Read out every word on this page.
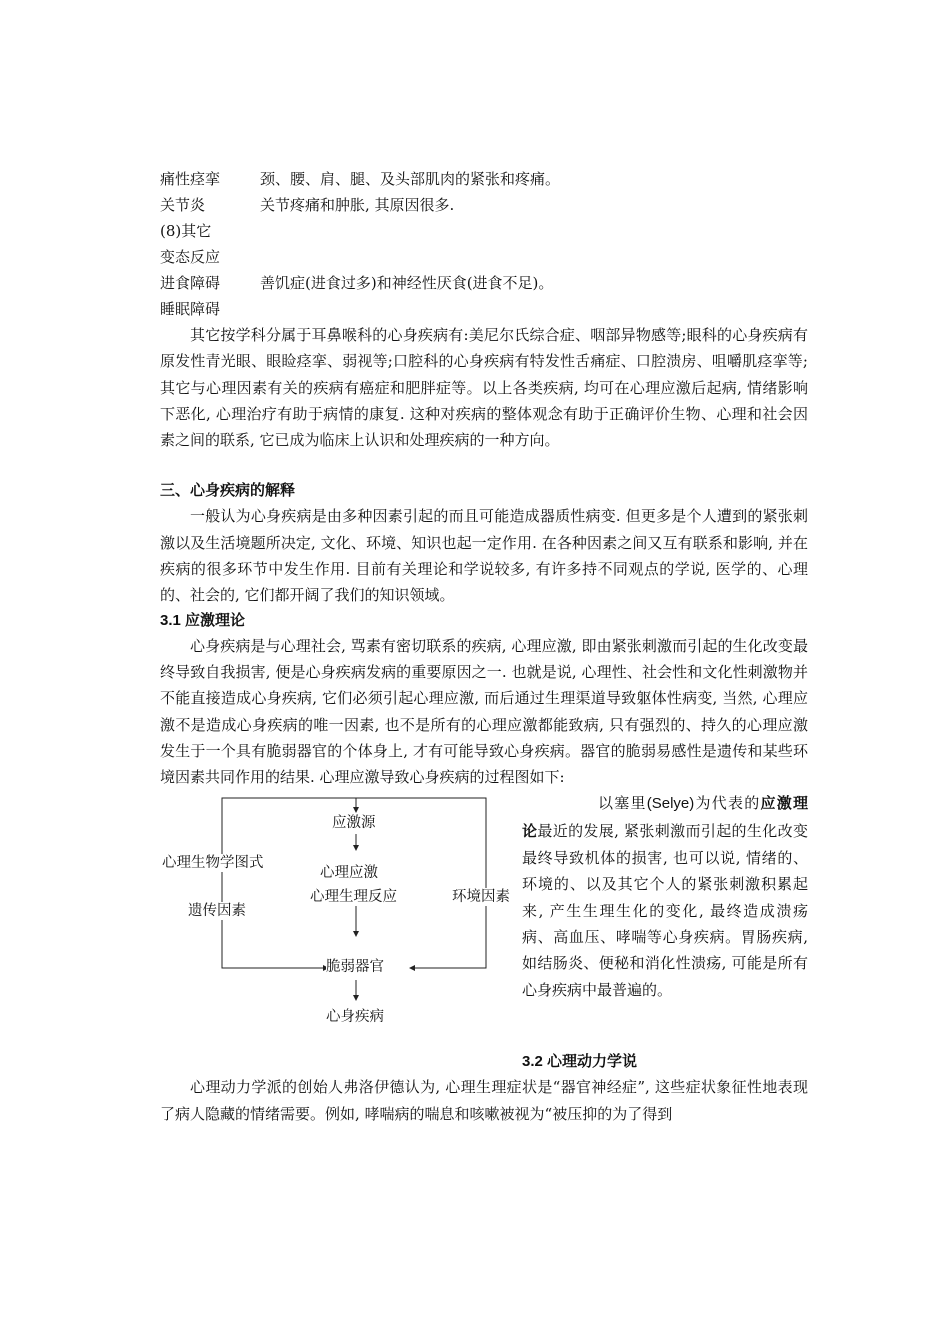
痛性痉挛	颈、腰、肩、腿、及头部肌肉的紧张和疼痛。
关节炎	关节疼痛和肿胀, 其原因很多.
(8)其它
变态反应
进食障碍	善饥症(进食过多)和神经性厌食(进食不足)。
睡眠障碍

其它按学科分属于耳鼻喉科的心身疾病有:美尼尔氏综合症、咽部异物感等;眼科的心身疾病有原发性青光眼、眼睑痉挛、弱视等;口腔科的心身疾病有特发性舌痛症、口腔溃房、咀嚼肌痉挛等;其它与心理因素有关的疾病有癌症和肥胖症等。以上各类疾病, 均可在心理应激后起病, 情绪影响下恶化, 心理治疗有助于病情的康复. 这种对疾病的整体观念有助于正确评价生物、心理和社会因素之间的联系, 它已成为临床上认识和处理疾病的一种方向。

三、心身疾病的解释

一般认为心身疾病是由多种因素引起的而且可能造成器质性病变. 但更多是个人遭到的紧张刺激以及生活境题所决定, 文化、环境、知识也起一定作用. 在各种因素之间又互有联系和影响, 并在疾病的很多环节中发生作用. 目前有关理论和学说较多, 有许多持不同观点的学说, 医学的、心理的、社会的, 它们都开阔了我们的知识领域。

3.1 应激理论

心身疾病是与心理社会, 骂素有密切联系的疾病, 心理应激, 即由紧张刺激而引起的生化改变最终导致自我损害, 便是心身疾病发病的重要原因之一. 也就是说, 心理性、社会性和文化性刺激物并不能直接造成心身疾病, 它们必须引起心理应激, 而后通过生理渠道导致躯体性病变, 当然, 心理应激不是造成心身疾病的唯一因素, 也不是所有的心理应激都能致病, 只有强烈的、持久的心理应激发生于一个具有脆弱器官的个体身上, 才有可能导致心身疾病。器官的脆弱易感性是遗传和某些环境因素共同作用的结果. 心理应激导致心身疾病的过程图如下:

应激源
心理应激
心理生理反应
脆弱器官
心身疾病
心理生物学图式
遗传因素
环境因素
以塞里(Selye)为代表的应激理论最近的发展, 紧张刺激而引起的生化改变最终导致机体的损害, 也可以说, 情绪的、环境的、以及其它个人的紧张刺激积累起来, 产生生理生化的变化, 最终造成溃疡病、高血压、哮喘等心身疾病。胃肠疾病, 如结肠炎、便秘和消化性溃疡, 可能是所有心身疾病中最普遍的。
3.2 心理动力学说

心理动力学派的创始人弗洛伊德认为, 心理生理症状是“器官神经症”, 这些症状象征性地表现了病人隐藏的情绪需要。例如, 哮喘病的喘息和咳嗽被视为“被压抑的为了得到
